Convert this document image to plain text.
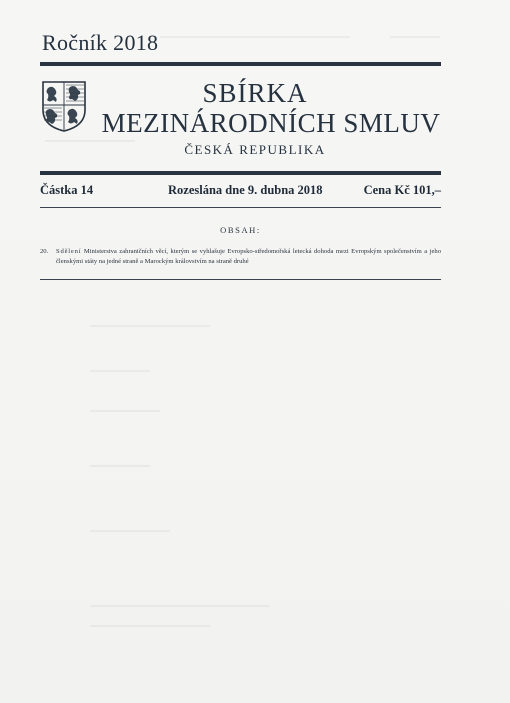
Ročník 2018
SBÍRKA
MEZINÁRODNÍCH SMLUV
ČESKÁ REPUBLIKA
Částka 14	Rozeslána dne 9. dubna 2018	Cena Kč 101,–
OBSAH:
20. Sdělení Ministerstva zahraničních věcí, kterým se vyhlašuje Evropsko-středomořská letecká dohoda mezi Evropským společenstvím a jeho členskými státy na jedné straně a Marockým královstvím na straně druhé
